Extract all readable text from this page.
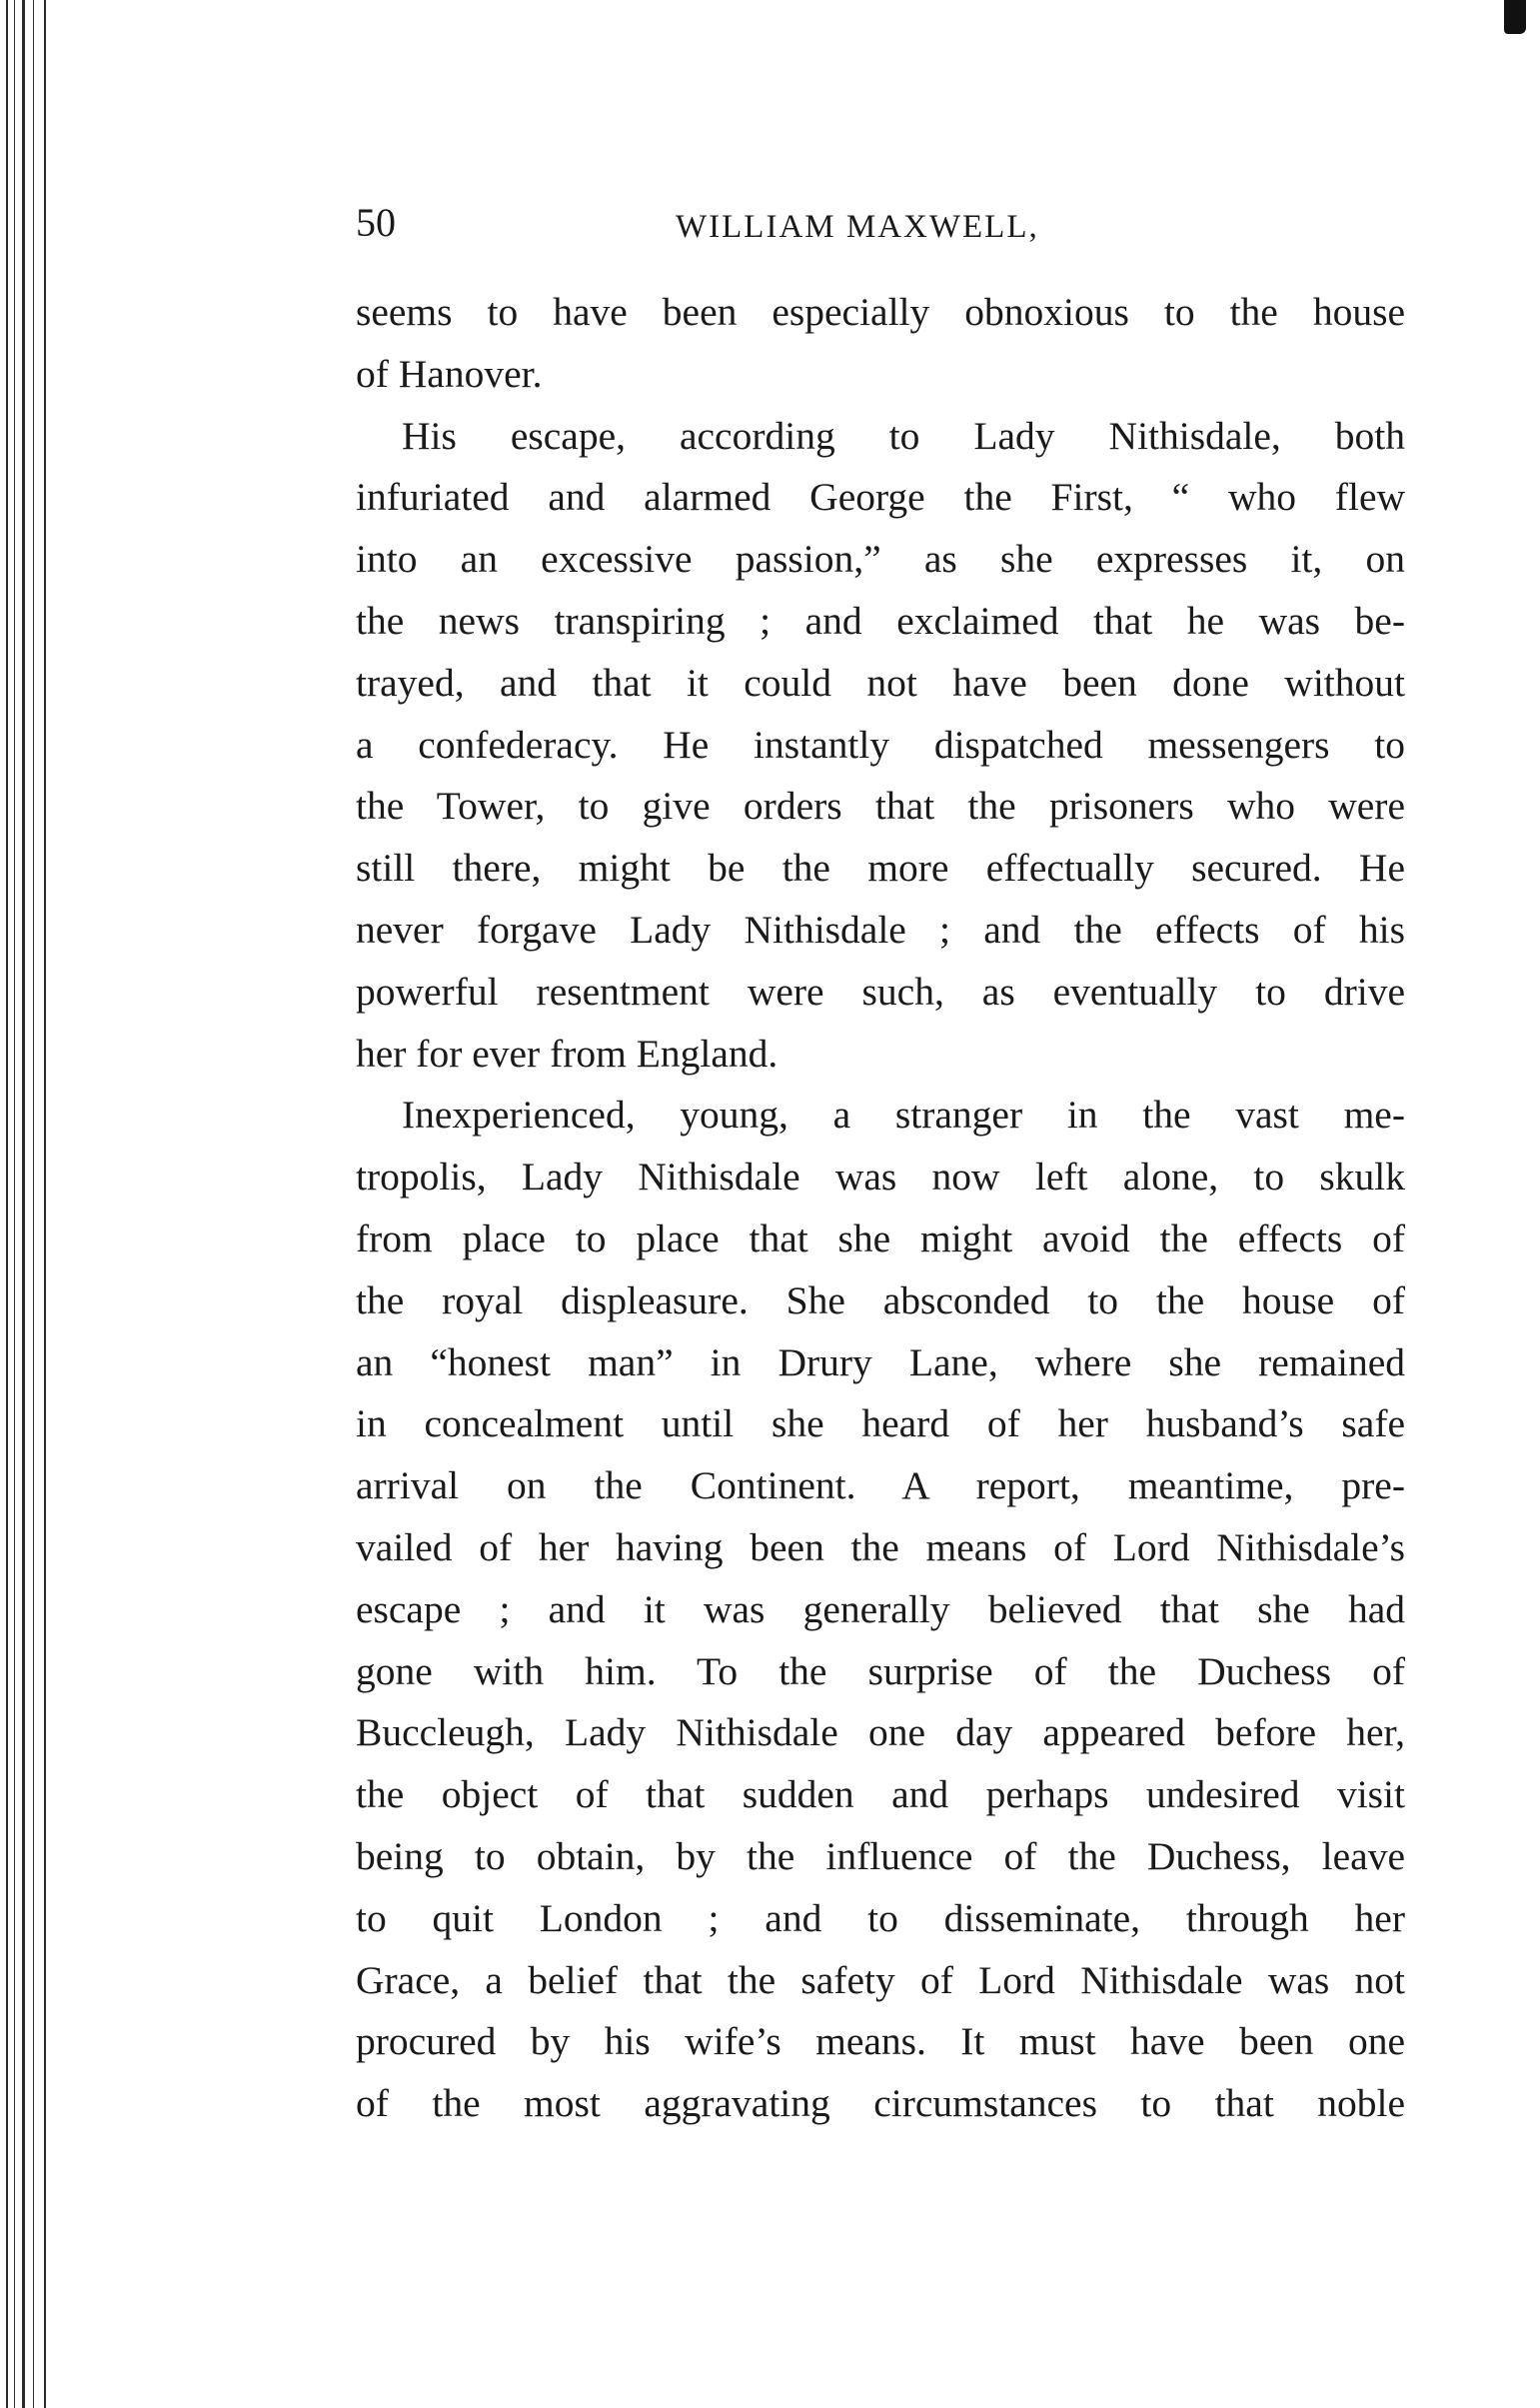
50	WILLIAM MAXWELL,
seems to have been especially obnoxious to the house
of Hanover.
His escape, according to Lady Nithisdale, both
infuriated and alarmed George the First, “ who flew
into an excessive passion,” as she expresses it, on
the news transpiring ; and exclaimed that he was be-
trayed, and that it could not have been done without
a confederacy. He instantly dispatched messengers to
the Tower, to give orders that the prisoners who were
still there, might be the more effectually secured. He
never forgave Lady Nithisdale ; and the effects of his
powerful resentment were such, as eventually to drive
her for ever from England.
Inexperienced, young, a stranger in the vast me-
tropolis, Lady Nithisdale was now left alone, to skulk
from place to place that she might avoid the effects of
the royal displeasure. She absconded to the house of
an “honest man” in Drury Lane, where she remained
in concealment until she heard of her husband’s safe
arrival on the Continent. A report, meantime, pre-
vailed of her having been the means of Lord Nithisdale’s
escape ; and it was generally believed that she had
gone with him. To the surprise of the Duchess of
Buccleugh, Lady Nithisdale one day appeared before her,
the object of that sudden and perhaps undesired visit
being to obtain, by the influence of the Duchess, leave
to quit London ; and to disseminate, through her
Grace, a belief that the safety of Lord Nithisdale was not
procured by his wife’s means. It must have been one
of the most aggravating circumstances to that noble
